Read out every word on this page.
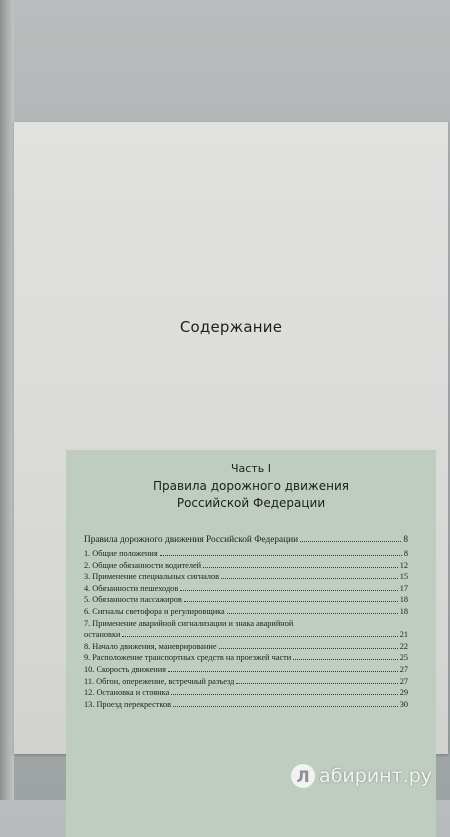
Содержание
Часть I
Правила дорожного движения
Российской Федерации
Правила дорожного движения Российской Федерации	8
1. Общие положения	8
2. Общие обязанности водителей	12
3. Применение специальных сигналов	15
4. Обязанности пешеходов	17
5. Обязанности пассажиров	18
6. Сигналы светофора и регулировщика	18
7. Применение аварийной сигнализации и знака аварийной
остановки	21
8. Начало движения, маневрирование	22
9. Расположение транспортных средств на проезжей части	25
10. Скорость движения	27
11. Обгон, опережение, встречный разъезд	27
12. Остановка и стоянка	29
13. Проезд перекрестков	30
Л абиринт.ру
